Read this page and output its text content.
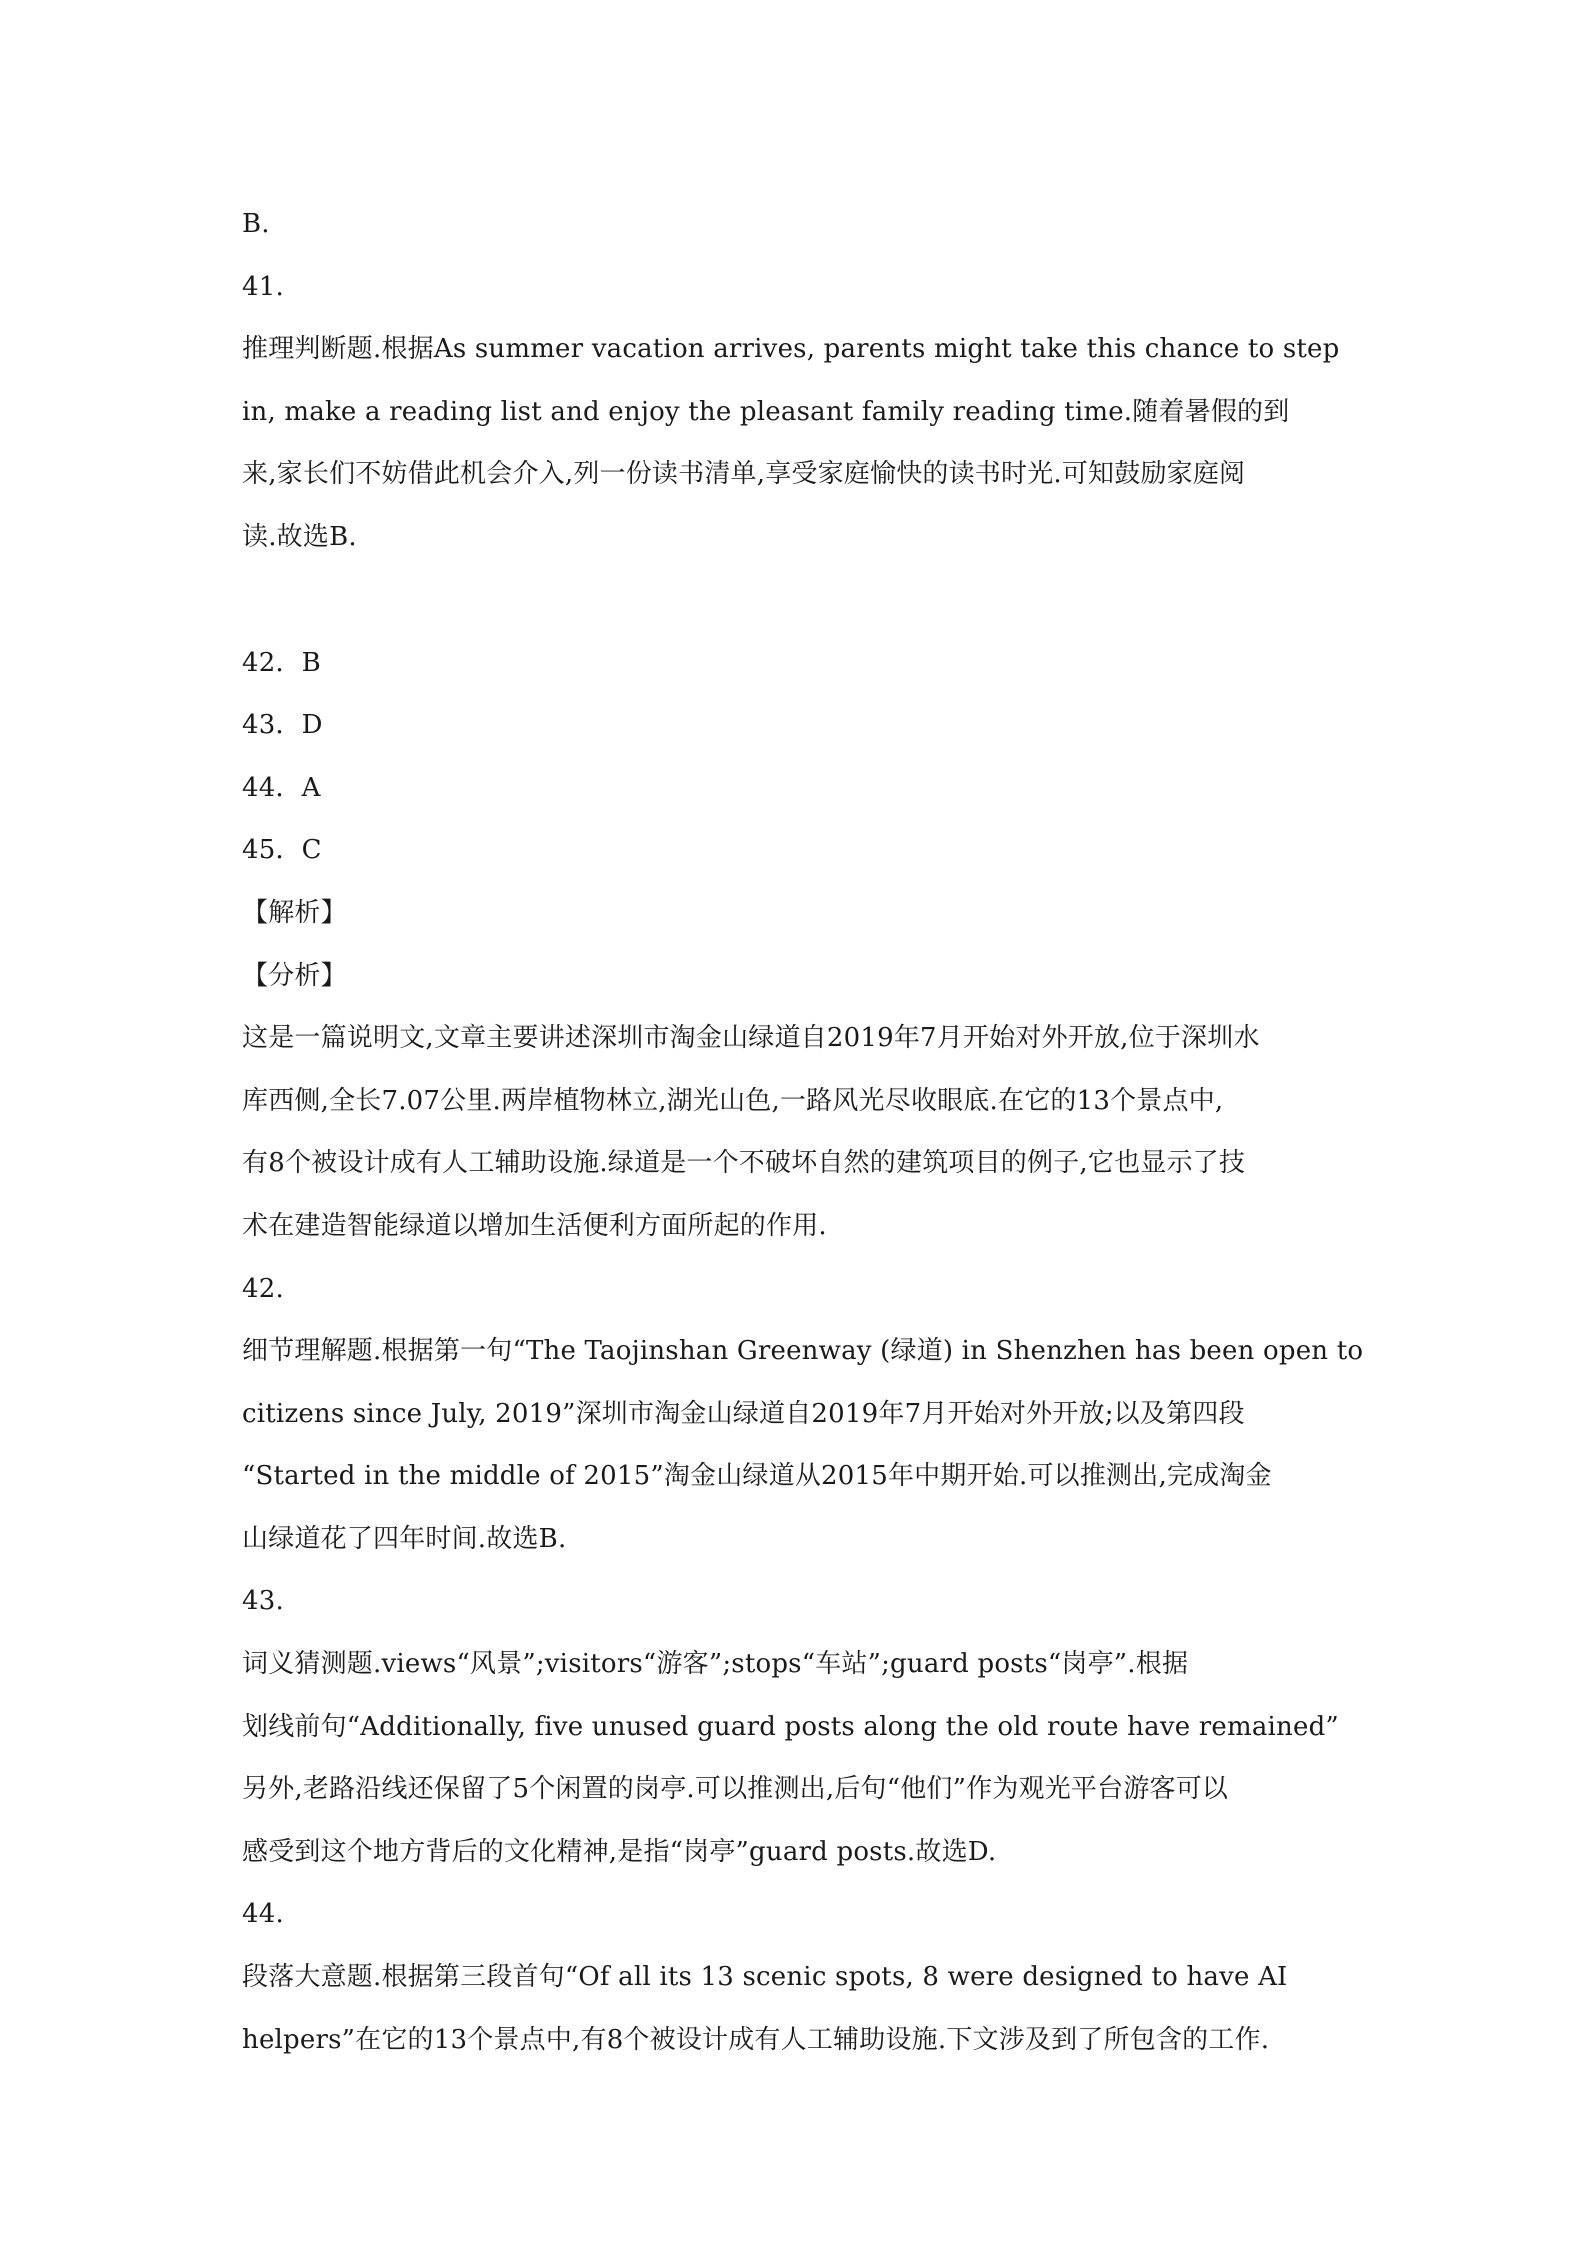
B.
41.
推理判断题.根据As summer vacation arrives, parents might take this chance to step
in, make a reading list and enjoy the pleasant family reading time.随着暑假的到
来,家长们不妨借此机会介入,列一份读书清单,享受家庭愉快的读书时光.可知鼓励家庭阅
读.故选B.
42．B
43．D
44．A
45．C
【解析】
【分析】
这是一篇说明文,文章主要讲述深圳市淘金山绿道自2019年7月开始对外开放,位于深圳水
库西侧,全长7.07公里.两岸植物林立,湖光山色,一路风光尽收眼底.在它的13个景点中,
有8个被设计成有人工辅助设施.绿道是一个不破坏自然的建筑项目的例子,它也显示了技
术在建造智能绿道以增加生活便利方面所起的作用.
42.
细节理解题.根据第一句“The Taojinshan Greenway (绿道) in Shenzhen has been open to
citizens since July, 2019”深圳市淘金山绿道自2019年7月开始对外开放;以及第四段
“Started in the middle of 2015”淘金山绿道从2015年中期开始.可以推测出,完成淘金
山绿道花了四年时间.故选B.
43.
词义猜测题.views“风景”;visitors“游客”;stops“车站”;guard posts“岗亭”.根据
划线前句“Additionally, five unused guard posts along the old route have remained”
另外,老路沿线还保留了5个闲置的岗亭.可以推测出,后句“他们”作为观光平台游客可以
感受到这个地方背后的文化精神,是指“岗亭”guard posts.故选D.
44.
段落大意题.根据第三段首句“Of all its 13 scenic spots, 8 were designed to have AI
helpers”在它的13个景点中,有8个被设计成有人工辅助设施.下文涉及到了所包含的工作.
